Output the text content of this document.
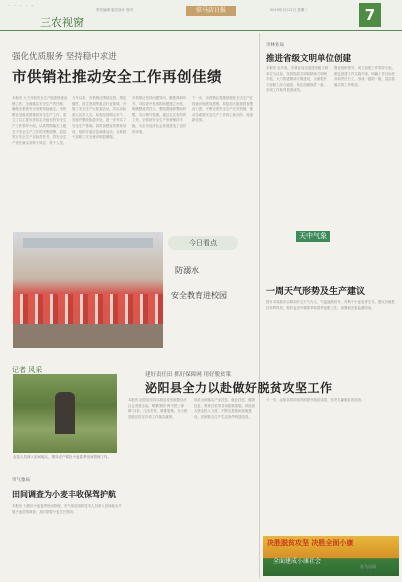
· · · · ·
三农视窗
责任编辑 版式设计 校对	驻马店日报	2019年3月12日 星期二	7
强化优质服务 坚持稳中求进
市供销社推动安全工作再创佳绩
本报讯 大力开展安全生产隐患排查治理工作，全面落实安全生产责任制，确保全系统安全形势持续稳定。市供销社党组高度重视安全生产工作，成立了以主要负责同志为组长的安全生产工作领导小组，认真贯彻落实上级关于安全生产工作的决策部署，层层签订安全生产目标责任书，将安全生产责任落实到每个岗位、每个人员。
今年以来，市供销社围绕农资、烟花爆竹、再生资源等重点行业领域，开展了安全生产大检查活动，共出动检查人员多人次，检查经营网点多个，发现并整改隐患多处，进一步夯实了安全生产基础。同时加强宣传教育培训，组织开展应急演练活动，全系统干部职工安全意识明显增强。
市供销社坚持问题导向，聚焦薄弱环节，对检查中发现的问题建立台账，明确整改责任人、整改措施和整改时限，实行销号管理。通过扎实有效的工作，全系统安全生产形势保持平稳，为全市经济社会发展营造了良好的环境。
下一步，市供销社将继续强化安全生产红线意识和底线思维，持续加大隐患排查整治力度，不断完善安全生产长效机制，推动全系统安全生产工作再上新台阶，再创新佳绩。
今日看点
防溺水
安全教育进校园
市林业局
推进省级文明单位创建
本报讯 近年来，市林业局以创建省级文明单位为目标，坚持物质文明和精神文明两手抓，大力推进精神文明建设，全面提升干部职工综合素质，单位面貌焕然一新，各项工作取得显著成效。
强化组织领导，成立创建工作领导小组，制定创建工作实施方案，明确工作目标任务和责任分工，形成一级抓一级、层层抓落实的工作格局。
天中气象
一周天气形势及生产建议
预计本周我市以晴到多云天气为主，气温逐渐回升，有利于小麦返青生长。建议各地抓住有利时机，做好麦田中耕除草和春季追肥工作，加强病虫害监测防治。
记者 风采
农技人员深入田间地头，指导农户做好小麦春季田间管理工作。
市气象局
田间调查为小麦丰收保驾护航
本报讯 为做好小麦春季田间管理，市气象局组织技术人员深入田间地头开展小麦苗情调查，及时掌握小麦生长情况。
建好责任田 抓好保障网 用好脱贫策
泌阳县全力以赴做好脱贫攻坚工作
本报讯 泌阳县坚持以脱贫攻坚统揽经济社会发展全局，紧紧围绕“两不愁三保障”目标，压实责任，精准施策，全力推进脱贫攻坚各项工作落实落细。
该县全面落实产业扶贫、就业扶贫、健康扶贫、教育扶贫等各项政策措施，持续加大资金投入力度，不断完善基础设施建设，贫困群众生产生活条件明显改善。
下一步，泌阳县将持续巩固提升脱贫成果，坚决打赢脱贫攻坚战。
决胜脱贫攻坚 决胜全面小康
全面建成小康社会
驻马店网
